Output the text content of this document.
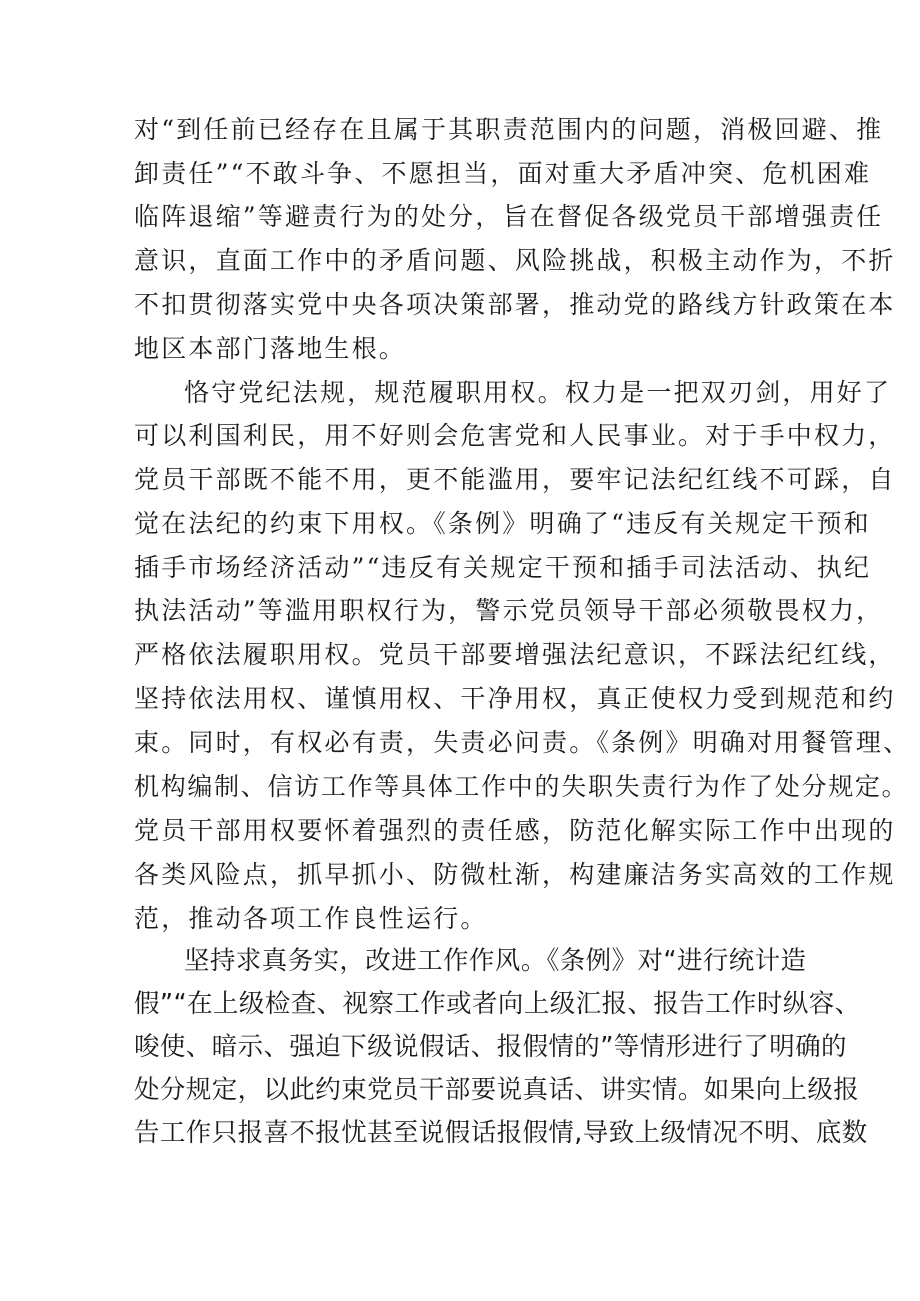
对“到任前已经存在且属于其职责范围内的问题，消极回避、推
卸责任”“不敢斗争、不愿担当，面对重大矛盾冲突、危机困难
临阵退缩”等避责行为的处分，旨在督促各级党员干部增强责任
意识，直面工作中的矛盾问题、风险挑战，积极主动作为，不折
不扣贯彻落实党中央各项决策部署，推动党的路线方针政策在本
地区本部门落地生根。
恪守党纪法规，规范履职用权。权力是一把双刃剑，用好了
可以利国利民，用不好则会危害党和人民事业。对于手中权力，
党员干部既不能不用，更不能滥用，要牢记法纪红线不可踩，自
觉在法纪的约束下用权。《条例》明确了“违反有关规定干预和
插手市场经济活动”“违反有关规定干预和插手司法活动、执纪
执法活动”等滥用职权行为，警示党员领导干部必须敬畏权力，
严格依法履职用权。党员干部要增强法纪意识，不踩法纪红线，
坚持依法用权、谨慎用权、干净用权，真正使权力受到规范和约
束。同时，有权必有责，失责必问责。《条例》明确对用餐管理、
机构编制、信访工作等具体工作中的失职失责行为作了处分规定。
党员干部用权要怀着强烈的责任感，防范化解实际工作中出现的
各类风险点，抓早抓小、防微杜渐，构建廉洁务实高效的工作规
范，推动各项工作良性运行。
坚持求真务实，改进工作作风。《条例》对“进行统计造
假”“在上级检查、视察工作或者向上级汇报、报告工作时纵容、
唆使、暗示、强迫下级说假话、报假情的”等情形进行了明确的
处分规定，以此约束党员干部要说真话、讲实情。如果向上级报
告工作只报喜不报忧甚至说假话报假情,导致上级情况不明、底数
